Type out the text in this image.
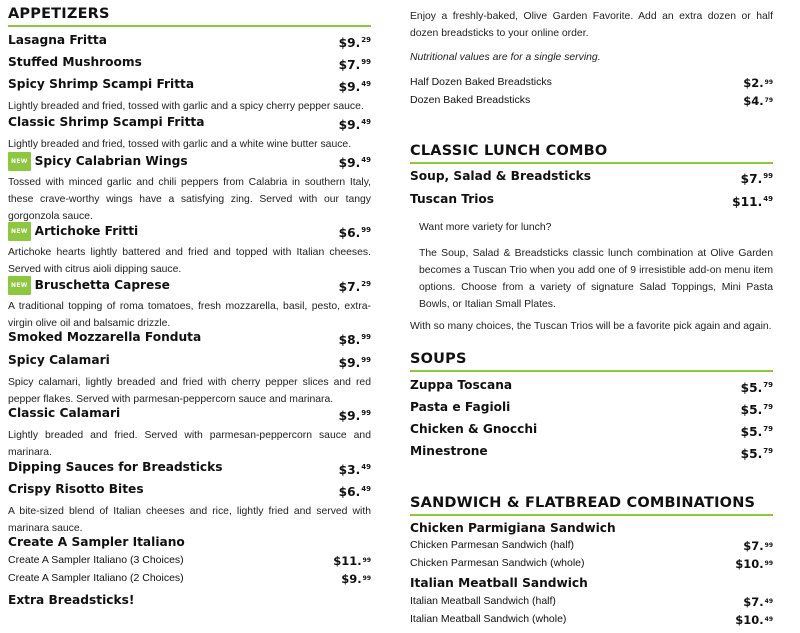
APPETIZERS
Lasagna Fritta	$9.29
Stuffed Mushrooms	$7.99
Spicy Shrimp Scampi Fritta	$9.49
Lightly breaded and fried, tossed with garlic and a spicy cherry pepper sauce.
Classic Shrimp Scampi Fritta	$9.49
Lightly breaded and fried, tossed with garlic and a white wine butter sauce.
NEW Spicy Calabrian Wings	$9.49
Tossed with minced garlic and chili peppers from Calabria in southern Italy, these crave-worthy wings have a satisfying zing. Served with our tangy gorgonzola sauce.
NEW Artichoke Fritti	$6.99
Artichoke hearts lightly battered and fried and topped with Italian cheeses. Served with citrus aioli dipping sauce.
NEW Bruschetta Caprese	$7.29
A traditional topping of roma tomatoes, fresh mozzarella, basil, pesto, extra-virgin olive oil and balsamic drizzle.
Smoked Mozzarella Fonduta	$8.99
Spicy Calamari	$9.99
Spicy calamari, lightly breaded and fried with cherry pepper slices and red pepper flakes. Served with parmesan-peppercorn sauce and marinara.
Classic Calamari	$9.99
Lightly breaded and fried. Served with parmesan-peppercorn sauce and marinara.
Dipping Sauces for Breadsticks	$3.49
Crispy Risotto Bites	$6.49
A bite-sized blend of Italian cheeses and rice, lightly fried and served with marinara sauce.
Create A Sampler Italiano
Create A Sampler Italiano (3 Choices)	$11.99
Create A Sampler Italiano (2 Choices)	$9.99
Extra Breadsticks!
Enjoy a freshly-baked, Olive Garden Favorite. Add an extra dozen or half dozen breadsticks to your online order.
Nutritional values are for a single serving.
Half Dozen Baked Breadsticks	$2.99
Dozen Baked Breadsticks	$4.79
CLASSIC LUNCH COMBO
Soup, Salad & Breadsticks	$7.99
Tuscan Trios	$11.49
Want more variety for lunch?
The Soup, Salad & Breadsticks classic lunch combination at Olive Garden becomes a Tuscan Trio when you add one of 9 irresistible add-on menu item options. Choose from a variety of signature Salad Toppings, Mini Pasta Bowls, or Italian Small Plates.
With so many choices, the Tuscan Trios will be a favorite pick again and again.
SOUPS
Zuppa Toscana	$5.79
Pasta e Fagioli	$5.79
Chicken & Gnocchi	$5.79
Minestrone	$5.79
SANDWICH & FLATBREAD COMBINATIONS
Chicken Parmigiana Sandwich
Chicken Parmesan Sandwich (half)	$7.99
Chicken Parmesan Sandwich (whole)	$10.99
Italian Meatball Sandwich
Italian Meatball Sandwich (half)	$7.49
Italian Meatball Sandwich (whole)	$10.49
